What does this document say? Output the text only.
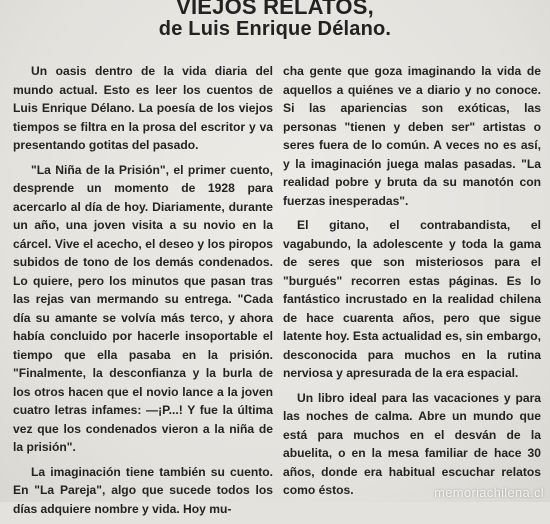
VIEJOS RELATOS,
de Luis Enrique Délano.

Un oasis dentro de la vida diaria del mundo actual. Esto es leer los cuentos de Luis Enrique Délano. La poesía de los viejos tiempos se filtra en la prosa del escritor y va presentando gotitas del pasado.

"La Niña de la Prisión", el primer cuento, desprende un momento de 1928 para acercarlo al día de hoy. Diariamente, durante un año, una joven visita a su novio en la cárcel. Vive el acecho, el deseo y los piropos subidos de tono de los demás condenados. Lo quiere, pero los minutos que pasan tras las rejas van mermando su entrega. "Cada día su amante se volvía más terco, y ahora había concluido por hacerle insoportable el tiempo que ella pasaba en la prisión. "Finalmente, la desconfianza y la burla de los otros hacen que el novio lance a la joven cuatro letras infames: —¡P...! Y fue la última vez que los condenados vieron a la niña de la prisión".

La imaginación tiene también su cuento. En "La Pareja", algo que sucede todos los días adquiere nombre y vida. Hoy mu-

cha gente que goza imaginando la vida de aquellos a quiénes ve a diario y no conoce. Si las apariencias son exóticas, las personas "tienen y deben ser" artistas o seres fuera de lo común. A veces no es así, y la imaginación juega malas pasadas. "La realidad pobre y bruta da su manotón con fuerzas inesperadas".

El gitano, el contrabandista, el vagabundo, la adolescente y toda la gama de seres que son misteriosos para el "burgués" recorren estas páginas. Es lo fantástico incrustado en la realidad chilena de hace cuarenta años, pero que sigue latente hoy. Esta actualidad es, sin embargo, desconocida para muchos en la rutina nerviosa y apresurada de la era espacial.

Un libro ideal para las vacaciones y para las noches de calma. Abre un mundo que está para muchos en el desván de la abuelita, o en la mesa familiar de hace 30 años, donde era habitual escuchar relatos como éstos.	memoriachilena.cl
